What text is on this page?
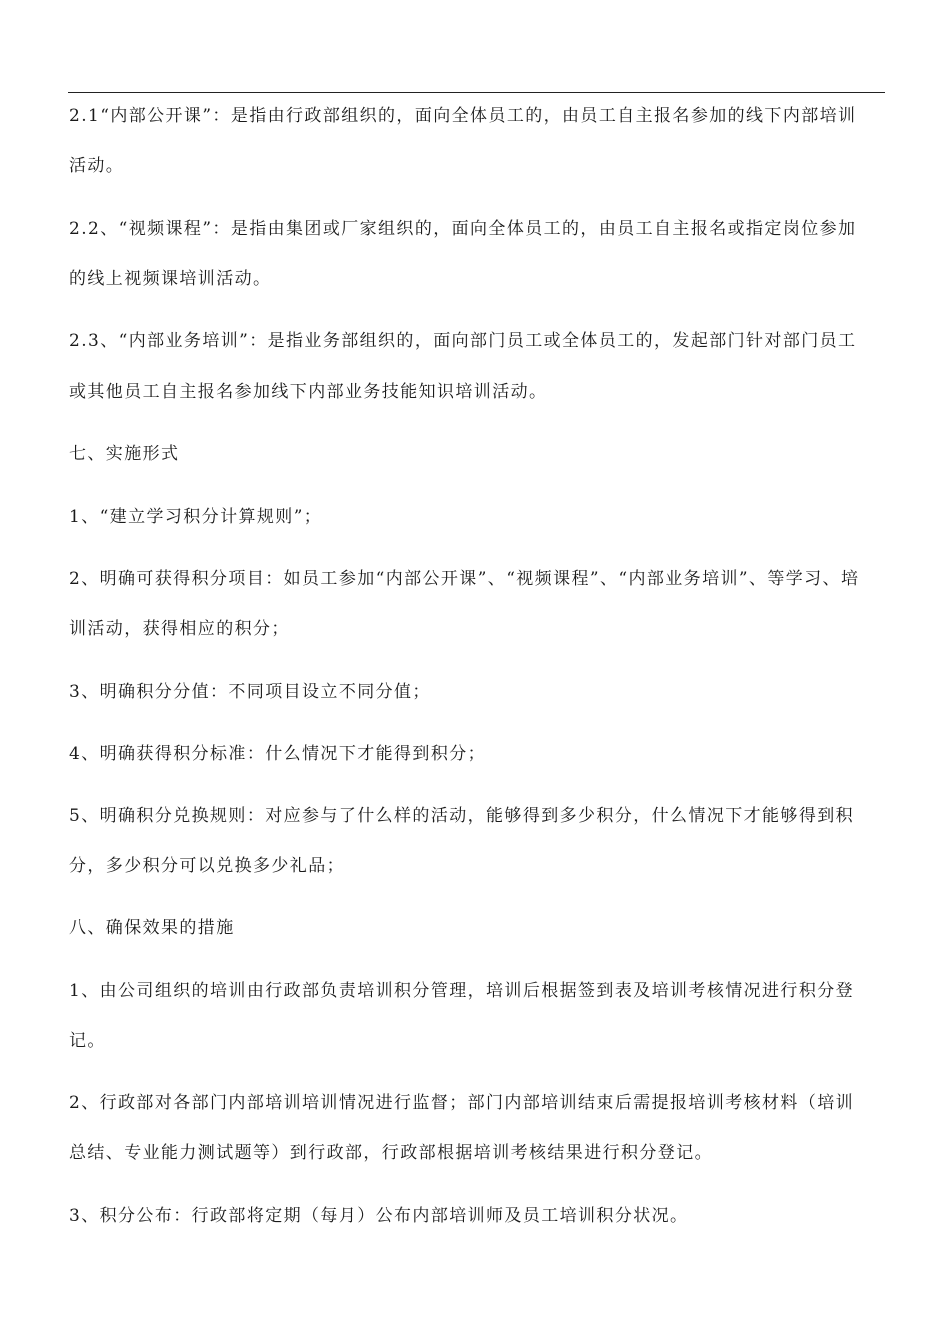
2.1“内部公开课”：是指由行政部组织的，面向全体员工的，由员工自主报名参加的线下内部培训
活动。
2.2、“视频课程”：是指由集团或厂家组织的，面向全体员工的，由员工自主报名或指定岗位参加
的线上视频课培训活动。
2.3、“内部业务培训”：是指业务部组织的，面向部门员工或全体员工的，发起部门针对部门员工
或其他员工自主报名参加线下内部业务技能知识培训活动。
七、实施形式
1、“建立学习积分计算规则”；
2、明确可获得积分项目：如员工参加“内部公开课”、“视频课程”、“内部业务培训”、等学习、培
训活动，获得相应的积分；
3、明确积分分值：不同项目设立不同分值；
4、明确获得积分标准：什么情况下才能得到积分；
5、明确积分兑换规则：对应参与了什么样的活动，能够得到多少积分，什么情况下才能够得到积
分，多少积分可以兑换多少礼品；
八、确保效果的措施
1、由公司组织的培训由行政部负责培训积分管理，培训后根据签到表及培训考核情况进行积分登
记。
2、行政部对各部门内部培训培训情况进行监督；部门内部培训结束后需提报培训考核材料（培训
总结、专业能力测试题等）到行政部，行政部根据培训考核结果进行积分登记。
3、积分公布：行政部将定期（每月）公布内部培训师及员工培训积分状况。
